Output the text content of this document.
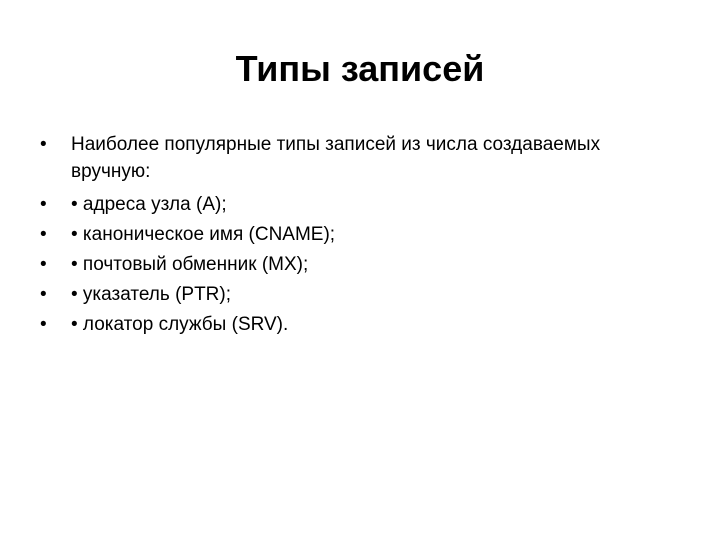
Типы записей
• Наиболее популярные типы записей из числа создаваемых вручную:
• • адреса узла (A);
• • каноническое имя (CNAME);
• • почтовый обменник (MX);
• • указатель (PTR);
• • локатор службы (SRV).
